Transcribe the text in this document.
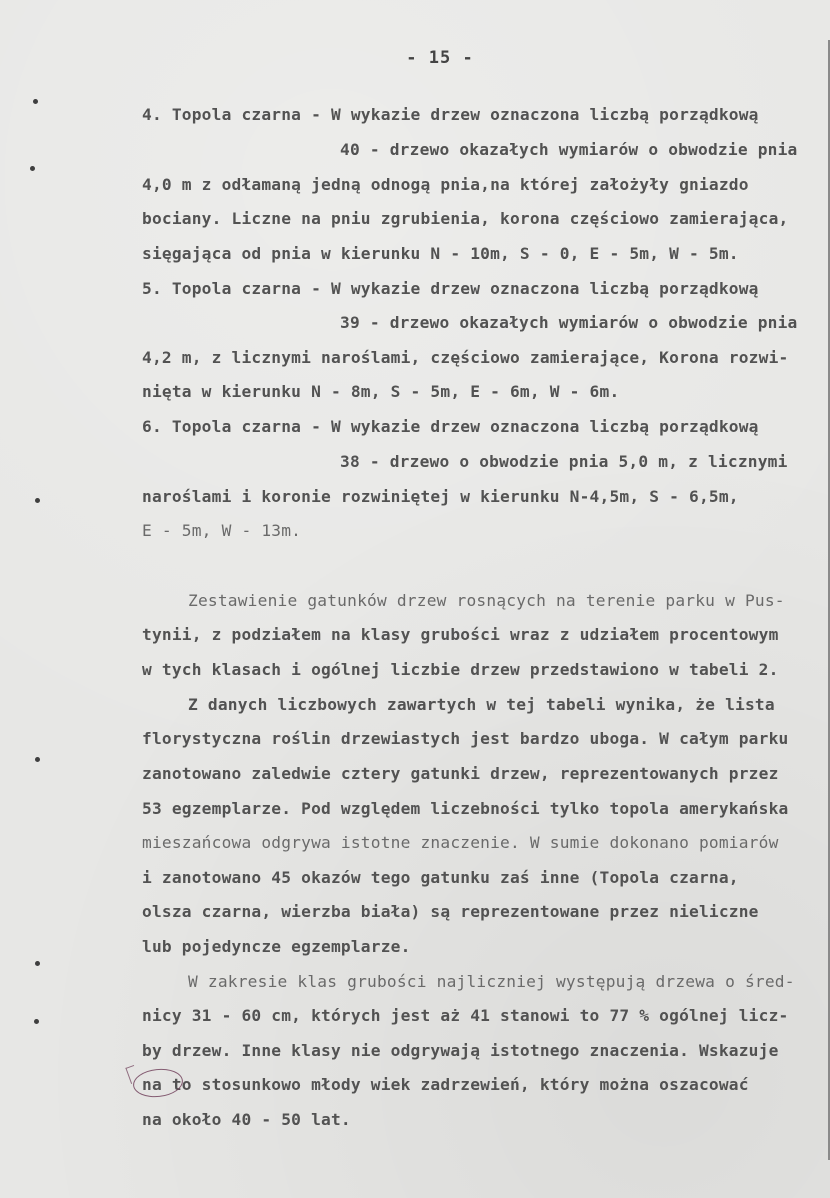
- 15 -
4. Topola czarna - W wykazie drzew oznaczona liczbą porządkową
40 - drzewo okazałych wymiarów o obwodzie pnia
4,0 m z odłamaną jedną odnogą pnia,na której założyły gniazdo
bociany. Liczne na pniu zgrubienia, korona częściowo zamierająca,
sięgająca od pnia w kierunku N - 10m, S - 0, E - 5m, W - 5m.
5. Topola czarna - W wykazie drzew oznaczona liczbą porządkową
39 - drzewo okazałych wymiarów o obwodzie pnia
4,2 m, z licznymi naroślami, częściowo zamierające, Korona rozwi-
nięta w kierunku N - 8m, S - 5m, E - 6m, W - 6m.
6. Topola czarna - W wykazie drzew oznaczona liczbą porządkową
38 - drzewo o obwodzie pnia 5,0 m, z licznymi
naroślami i koronie rozwiniętej w kierunku N-4,5m, S - 6,5m,
E - 5m, W - 13m.
Zestawienie gatunków drzew rosnących na terenie parku w Pus-
tynii, z podziałem na klasy grubości wraz z udziałem procentowym
w tych klasach i ogólnej liczbie drzew przedstawiono w tabeli 2.
Z danych liczbowych zawartych w tej tabeli wynika, że lista
florystyczna roślin drzewiastych jest bardzo uboga. W całym parku
zanotowano zaledwie cztery gatunki drzew, reprezentowanych przez
53 egzemplarze. Pod względem liczebności tylko topola amerykańska
mieszańcowa odgrywa istotne znaczenie. W sumie dokonano pomiarów
i zanotowano 45 okazów tego gatunku zaś inne (Topola czarna,
olsza czarna, wierzba biała) są reprezentowane przez nieliczne
lub pojedyncze egzemplarze.
W zakresie klas grubości najliczniej występują drzewa o śred-
nicy 31 - 60 cm, których jest aż 41 stanowi to 77 % ogólnej licz-
by drzew. Inne klasy nie odgrywają istotnego znaczenia. Wskazuje
na to stosunkowo młody wiek zadrzewień, który można oszacować
na około 40 - 50 lat.
